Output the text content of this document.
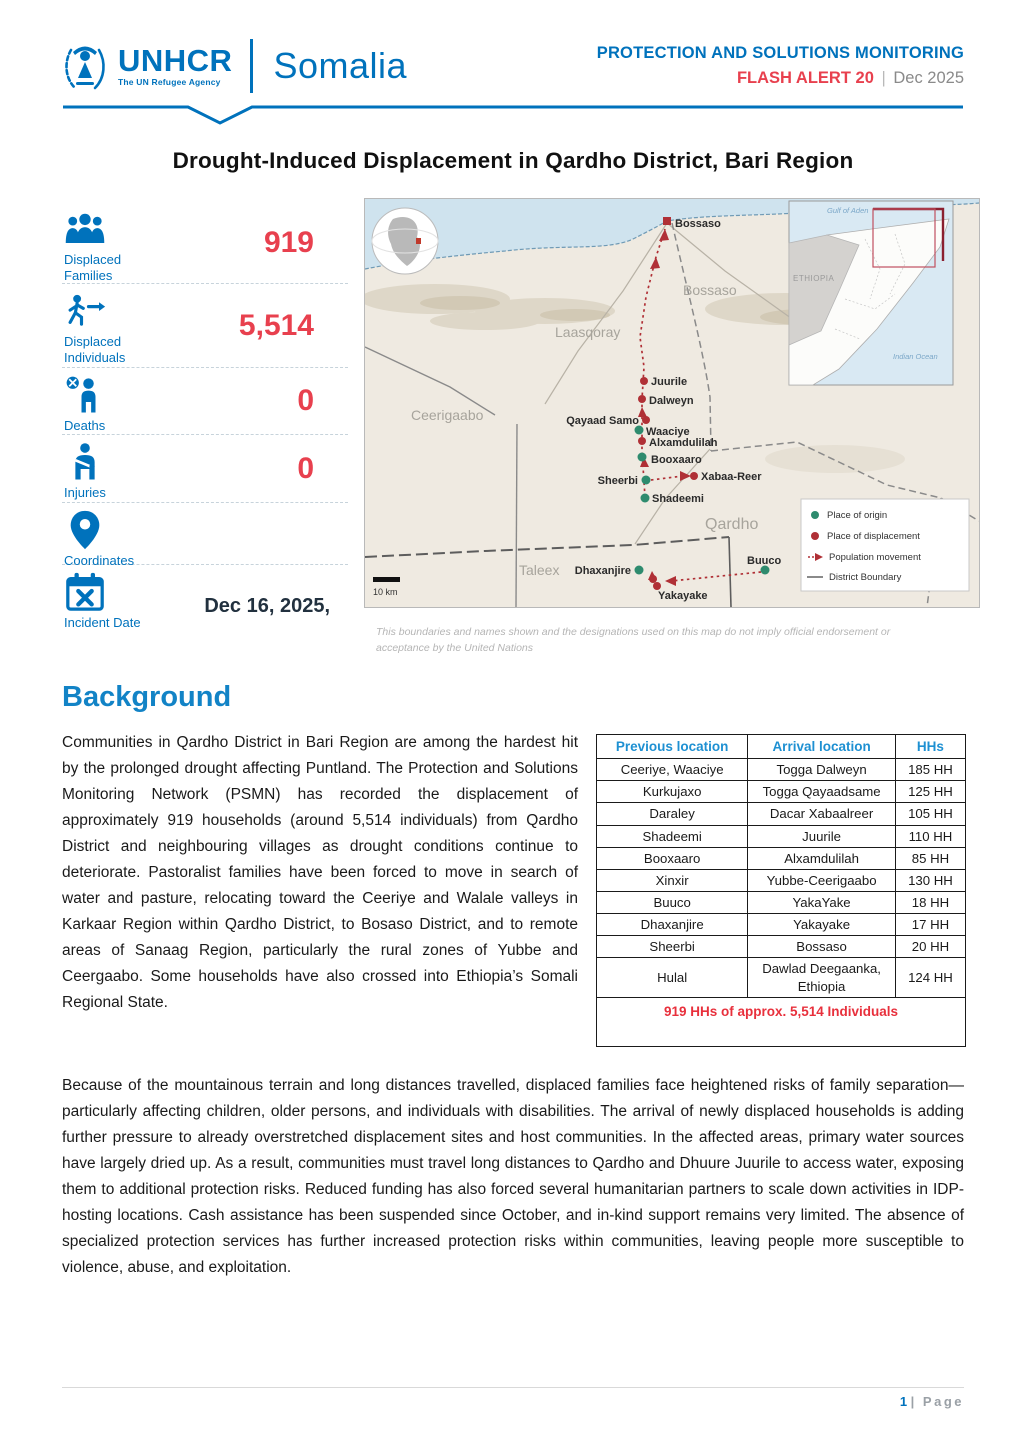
UNHCR
The UN Refugee Agency	Somalia	PROTECTION AND SOLUTIONS MONITORING
FLASH ALERT 20 | Dec 2025
Drought-Induced Displacement in Qardho District, Bari Region
Displaced Families
919
Displaced Individuals
5,514
Deaths
0
Injuries
0
Coordinates
Incident Date
Dec 16, 2025,
Bossaso
Laasqoray
Ceerigaabo
Qardho
Taleex
Bossaso
Juurile
Dalweyn
Qayaad Samo
Waaciye
Alxamdulilah
Booxaaro
Sheerbi	Xabaa-Reer
Shadeemi
Dhaxanjire
Yakayake
Buuco
Place of origin
Place of displacement
Population movement
District Boundary
10 km
Gulf of Aden
ETHIOPIA
Indian Ocean
This boundaries and names shown and the designations used on this map do not imply official endorsement or acceptance by the United Nations
Background
Communities in Qardho District in Bari Region are among the hardest hit by the prolonged drought affecting Puntland. The Protection and Solutions Monitoring Network (PSMN) has recorded the displacement of approximately 919 households (around 5,514 individuals) from Qardho District and neighbouring villages as drought conditions continue to deteriorate. Pastoralist families have been forced to move in search of water and pasture, relocating toward the Ceeriye and Walale valleys in Karkaar Region within Qardho District, to Bosaso District, and to remote areas of Sanaag Region, particularly the rural zones of Yubbe and Ceergaabo. Some households have also crossed into Ethiopia’s Somali Regional State.
Previous location	Arrival location	HHs
Ceeriye, Waaciye	Togga Dalweyn	185 HH
Kurkujaxo	Togga Qayaadsame	125 HH
Daraley	Dacar Xabaalreer	105 HH
Shadeemi	Juurile	110 HH
Booxaaro	Alxamdulilah	85 HH
Xinxir	Yubbe-Ceerigaabo	130 HH
Buuco	YakaYake	18 HH
Dhaxanjire	Yakayake	17 HH
Sheerbi	Bossaso	20 HH
Hulal	Dawlad Deegaanka, Ethiopia	124 HH
919 HHs of approx. 5,514 Individuals		
Because of the mountainous terrain and long distances travelled, displaced families face heightened risks of family separation—particularly affecting children, older persons, and individuals with disabilities. The arrival of newly displaced households is adding further pressure to already overstretched displacement sites and host communities. In the affected areas, primary water sources have largely dried up. As a result, communities must travel long distances to Qardho and Dhuure Juurile to access water, exposing them to additional protection risks. Reduced funding has also forced several humanitarian partners to scale down activities in IDP-hosting locations. Cash assistance has been suspended since October, and in-kind support remains very limited. The absence of specialized protection services has further increased protection risks within communities, leaving people more susceptible to violence, abuse, and exploitation.
1 | Page
